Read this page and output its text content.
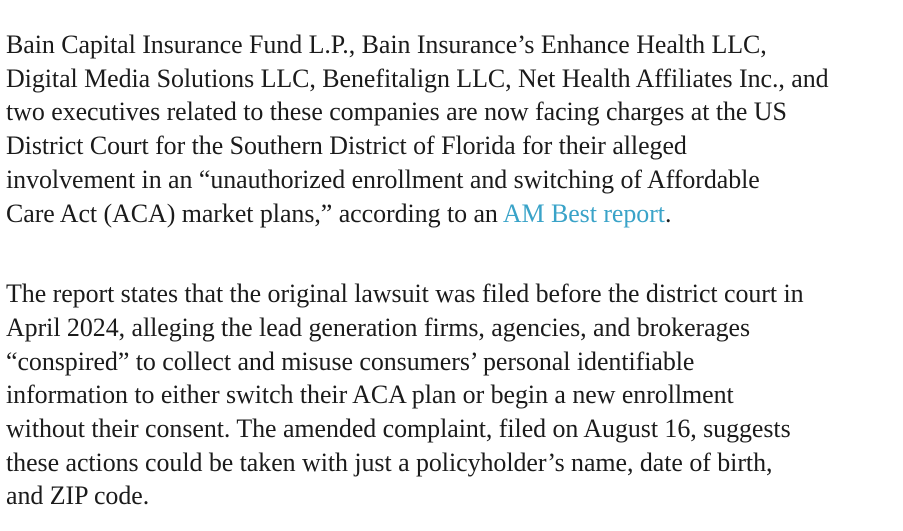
Bain Capital Insurance Fund L.P., Bain Insurance’s Enhance Health LLC,
Digital Media Solutions LLC, Benefitalign LLC, Net Health Affiliates Inc., and
two executives related to these companies are now facing charges at the US
District Court for the Southern District of Florida for their alleged
involvement in an “unauthorized enrollment and switching of Affordable
Care Act (ACA) market plans,” according to an AM Best report.

The report states that the original lawsuit was filed before the district court in
April 2024, alleging the lead generation firms, agencies, and brokerages
“conspired” to collect and misuse consumers’ personal identifiable
information to either switch their ACA plan or begin a new enrollment
without their consent. The amended complaint, filed on August 16, suggests
these actions could be taken with just a policyholder’s name, date of birth,
and ZIP code.
